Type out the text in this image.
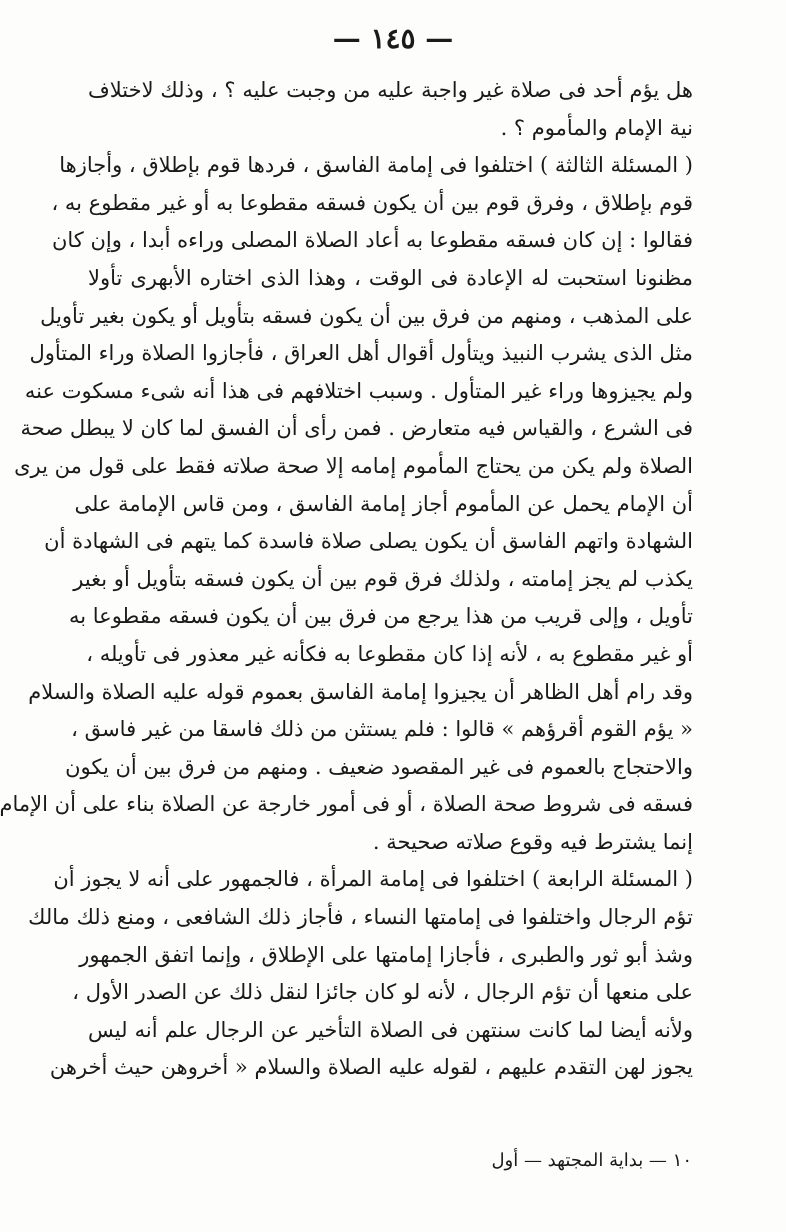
— ١٤٥ —
هل يؤم أحد فى صلاة غير واجبة عليه من وجبت عليه ؟ ، وذلك لاختلاف
نية الإمام والمأموم ؟ .
( المسئلة الثالثة ) اختلفوا فى إمامة الفاسق ، فردها قوم بإطلاق ، وأجازها
قوم بإطلاق ، وفرق قوم بين أن يكون فسقه مقطوعا به أو غير مقطوع به ،
فقالوا : إن كان فسقه مقطوعا به أعاد الصلاة المصلى وراءه أبدا ، وإن كان
مظنونا استحبت له الإعادة فى الوقت ، وهذا الذى اختاره الأبهرى تأولا
على المذهب ، ومنهم من فرق بين أن يكون فسقه بتأويل أو يكون بغير تأويل
مثل الذى يشرب النبيذ ويتأول أقوال أهل العراق ، فأجازوا الصلاة وراء المتأول
ولم يجيزوها وراء غير المتأول . وسبب اختلافهم فى هذا أنه شىء مسكوت عنه
فى الشرع ، والقياس فيه متعارض . فمن رأى أن الفسق لما كان لا يبطل صحة
الصلاة ولم يكن من يحتاج المأموم إمامه إلا صحة صلاته فقط على قول من يرى
أن الإمام يحمل عن المأموم أجاز إمامة الفاسق ، ومن قاس الإمامة على
الشهادة واتهم الفاسق أن يكون يصلى صلاة فاسدة كما يتهم فى الشهادة أن
يكذب لم يجز إمامته ، ولذلك فرق قوم بين أن يكون فسقه بتأويل أو بغير
تأويل ، وإلى قريب من هذا يرجع من فرق بين أن يكون فسقه مقطوعا به
أو غير مقطوع به ، لأنه إذا كان مقطوعا به فكأنه غير معذور فى تأويله ،
وقد رام أهل الظاهر أن يجيزوا إمامة الفاسق بعموم قوله عليه الصلاة والسلام
« يؤم القوم أقرؤهم » قالوا : فلم يستثن من ذلك فاسقا من غير فاسق ،
والاحتجاج بالعموم فى غير المقصود ضعيف . ومنهم من فرق بين أن يكون
فسقه فى شروط صحة الصلاة ، أو فى أمور خارجة عن الصلاة بناء على أن الإمام
إنما يشترط فيه وقوع صلاته صحيحة .
( المسئلة الرابعة ) اختلفوا فى إمامة المرأة ، فالجمهور على أنه لا يجوز أن
تؤم الرجال واختلفوا فى إمامتها النساء ، فأجاز ذلك الشافعى ، ومنع ذلك مالك
وشذ أبو ثور والطبرى ، فأجازا إمامتها على الإطلاق ، وإنما اتفق الجمهور
على منعها أن تؤم الرجال ، لأنه لو كان جائزا لنقل ذلك عن الصدر الأول ،
ولأنه أيضا لما كانت سنتهن فى الصلاة التأخير عن الرجال علم أنه ليس
يجوز لهن التقدم عليهم ، لقوله عليه الصلاة والسلام « أخروهن حيث أخرهن
١٠ — بداية المجتهد — أول
